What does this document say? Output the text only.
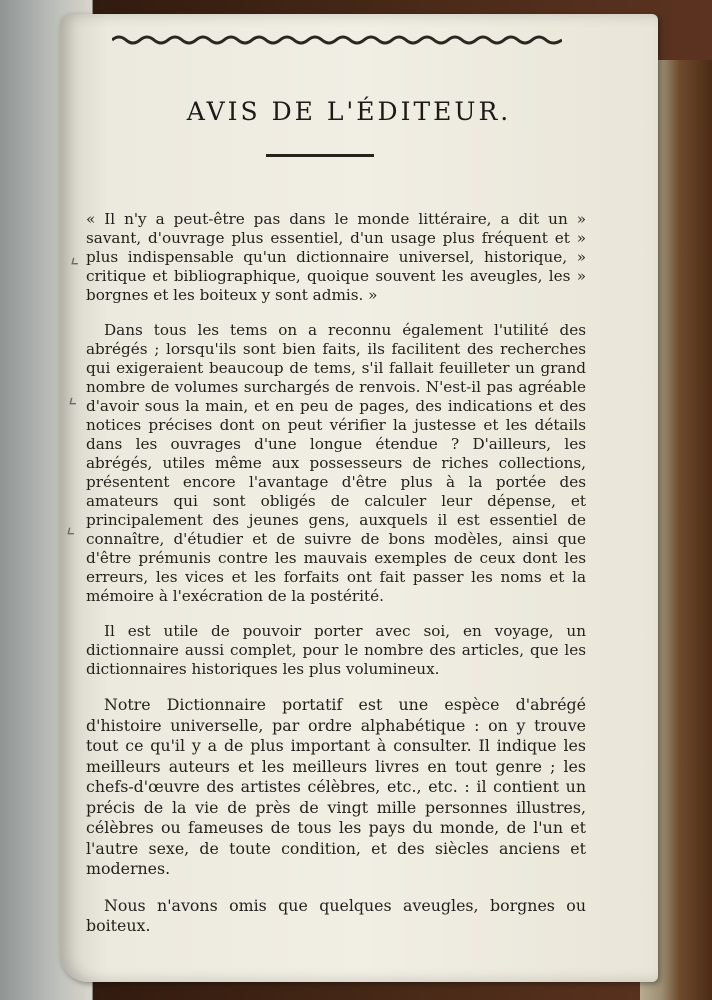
AVIS DE L'ÉDITEUR.

« Il n'y a peut-être pas dans le monde littéraire, a dit un » savant, d'ouvrage plus essentiel, d'un usage plus fréquent et » plus indispensable qu'un dictionnaire universel, historique, » critique et bibliographique, quoique souvent les aveugles, les » borgnes et les boiteux y sont admis. »

Dans tous les tems on a reconnu également l'utilité des abrégés ; lorsqu'ils sont bien faits, ils facilitent des recherches qui exigeraient beaucoup de tems, s'il fallait feuilleter un grand nombre de volumes surchargés de renvois. N'est-il pas agréable d'avoir sous la main, et en peu de pages, des indications et des notices précises dont on peut vérifier la justesse et les détails dans les ouvrages d'une longue étendue ? D'ailleurs, les abrégés, utiles même aux possesseurs de riches collections, présentent encore l'avantage d'être plus à la portée des amateurs qui sont obligés de calculer leur dépense, et principalement des jeunes gens, auxquels il est essentiel de connaître, d'étudier et de suivre de bons modèles, ainsi que d'être prémunis contre les mauvais exemples de ceux dont les erreurs, les vices et les forfaits ont fait passer les noms et la mémoire à l'exécration de la postérité.

Il est utile de pouvoir porter avec soi, en voyage, un dictionnaire aussi complet, pour le nombre des articles, que les dictionnaires historiques les plus volumineux.

Notre Dictionnaire portatif est une espèce d'abrégé d'histoire universelle, par ordre alphabétique : on y trouve tout ce qu'il y a de plus important à consulter. Il indique les meilleurs auteurs et les meilleurs livres en tout genre ; les chefs-d'œuvre des artistes célèbres, etc., etc. : il contient un précis de la vie de près de vingt mille personnes illustres, célèbres ou fameuses de tous les pays du monde, de l'un et l'autre sexe, de toute condition, et des siècles anciens et modernes.

Nous n'avons omis que quelques aveugles, borgnes ou boiteux.

⌞
⌞
⌞
